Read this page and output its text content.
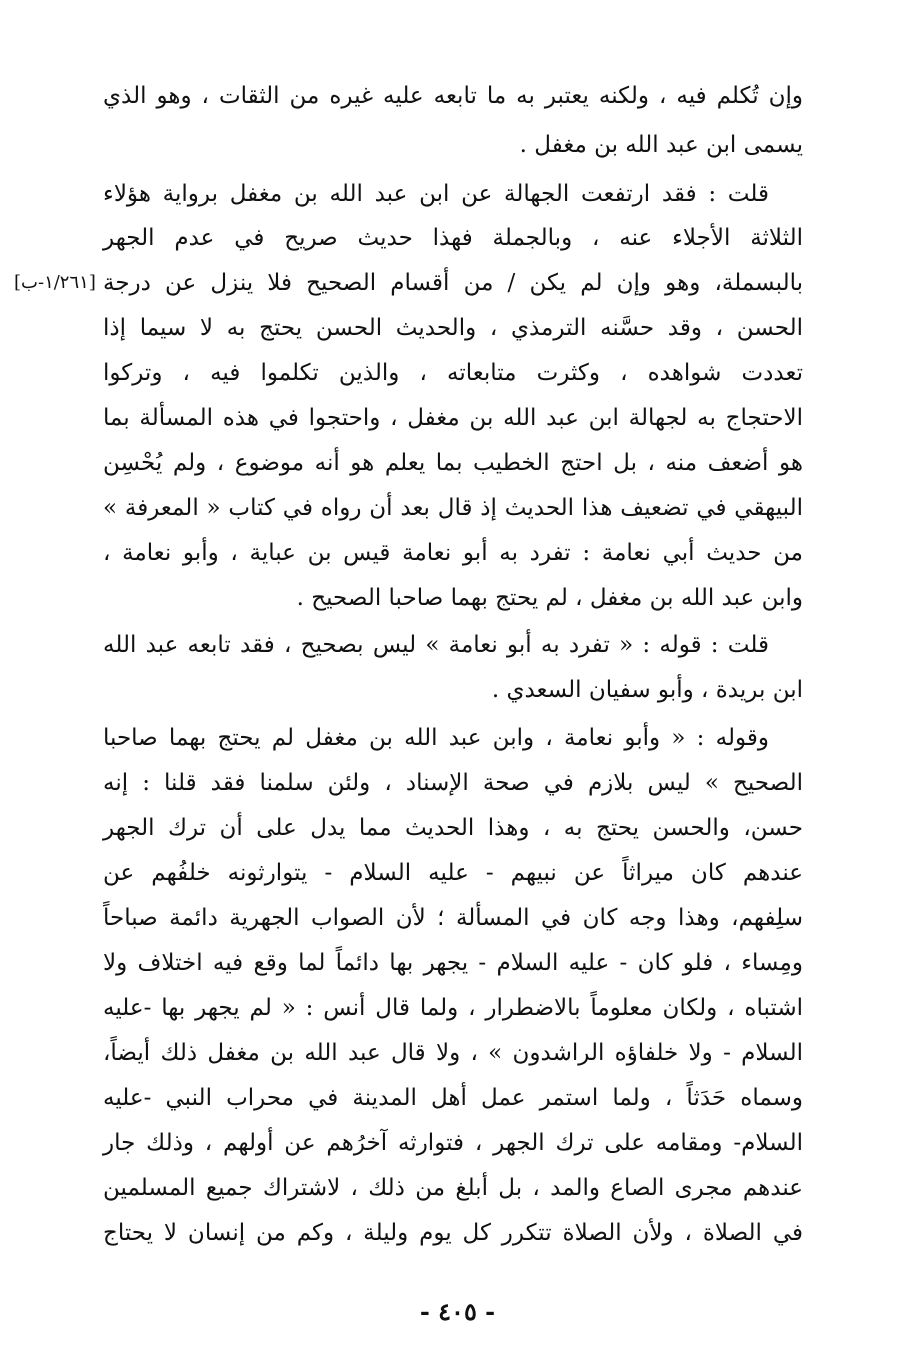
وإن تُكلم فيه ، ولكنه يعتبر به ما تابعه عليه غيره من الثقات ، وهو الذي
يسمى ابن عبد الله بن مغفل .
قلت : فقد ارتفعت الجهالة عن ابن عبد الله بن مغفل برواية هؤلاء
الثلاثة الأجلاء عنه ، وبالجملة فهذا حديث صريح في عدم الجهر
بالبسملة، وهو وإن لم يكن / من أقسام الصحيح فلا ينزل عن درجة
الحسن ، وقد حسَّنه الترمذي ، والحديث الحسن يحتج به لا سيما إذا
تعددت شواهده ، وكثرت متابعاته ، والذين تكلموا فيه ، وتركوا
الاحتجاج به لجهالة ابن عبد الله بن مغفل ، واحتجوا في هذه المسألة بما
هو أضعف منه ، بل احتج الخطيب بما يعلم هو أنه موضوع ، ولم يُحْسِن
البيهقي في تضعيف هذا الحديث إذ قال بعد أن رواه في كتاب « المعرفة »
من حديث أبي نعامة : تفرد به أبو نعامة قيس بن عباية ، وأبو نعامة ،
وابن عبد الله بن مغفل ، لم يحتج بهما صاحبا الصحيح .
قلت : قوله : « تفرد به أبو نعامة » ليس بصحيح ، فقد تابعه عبد الله
ابن بريدة ، وأبو سفيان السعدي .
وقوله : « وأبو نعامة ، وابن عبد الله بن مغفل لم يحتج بهما صاحبا
الصحيح » ليس بلازم في صحة الإسناد ، ولئن سلمنا فقد قلنا : إنه
حسن، والحسن يحتج به ، وهذا الحديث مما يدل على أن ترك الجهر
عندهم كان ميراثاً عن نبيهم - عليه السلام - يتوارثونه خلفُهم عن
سلِفهم، وهذا وجه كان في المسألة ؛ لأن الصواب الجهرية دائمة صباحاً
ومِساء ، فلو كان - عليه السلام - يجهر بها دائماً لما وقع فيه اختلاف ولا
اشتباه ، ولكان معلوماً بالاضطرار ، ولما قال أنس : « لم يجهر بها -عليه
السلام - ولا خلفاؤه الراشدون » ، ولا قال عبد الله بن مغفل ذلك أيضاً،
وسماه حَدَثاً ، ولما استمر عمل أهل المدينة في محراب النبي -عليه
السلام- ومقامه على ترك الجهر ، فتوارثه آخرُهم عن أولهم ، وذلك جار
عندهم مجرى الصاع والمد ، بل أبلغ من ذلك ، لاشتراك جميع المسلمين
في الصلاة ، ولأن الصلاة تتكرر كل يوم وليلة ، وكم من إنسان لا يحتاج
[١/٢٦١-ب]
- ٤٠٥ -
